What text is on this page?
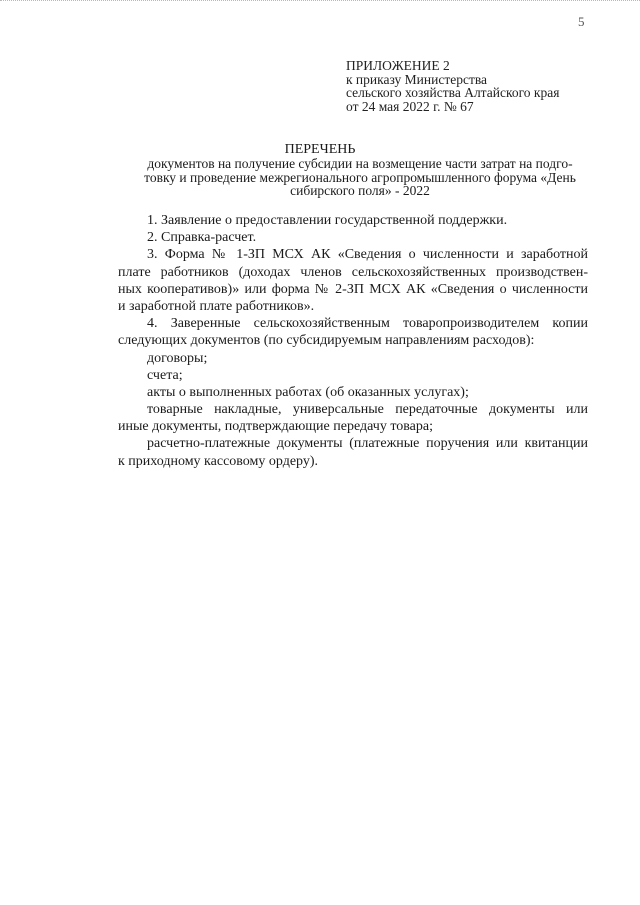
5
ПРИЛОЖЕНИЕ 2
к приказу Министерства
сельского хозяйства Алтайского края
от 24 мая 2022 г. № 67
ПЕРЕЧЕНЬ
документов на получение субсидии на возмещение части затрат на подго-
товку и проведение межрегионального агропромышленного форума «День
сибирского поля» - 2022
1. Заявление о предоставлении государственной поддержки.
2. Справка-расчет.
3. Форма № 1-ЗП МСХ АК «Сведения о численности и заработной
плате работников (доходах членов сельскохозяйственных производствен-
ных кооперативов)» или форма № 2-ЗП МСХ АК «Сведения о численности
и заработной плате работников».
4. Заверенные сельскохозяйственным товаропроизводителем копии
следующих документов (по субсидируемым направлениям расходов):
договоры;
счета;
акты о выполненных работах (об оказанных услугах);
товарные накладные, универсальные передаточные документы или
иные документы, подтверждающие передачу товара;
расчетно-платежные документы (платежные поручения или квитанции
к приходному кассовому ордеру).
